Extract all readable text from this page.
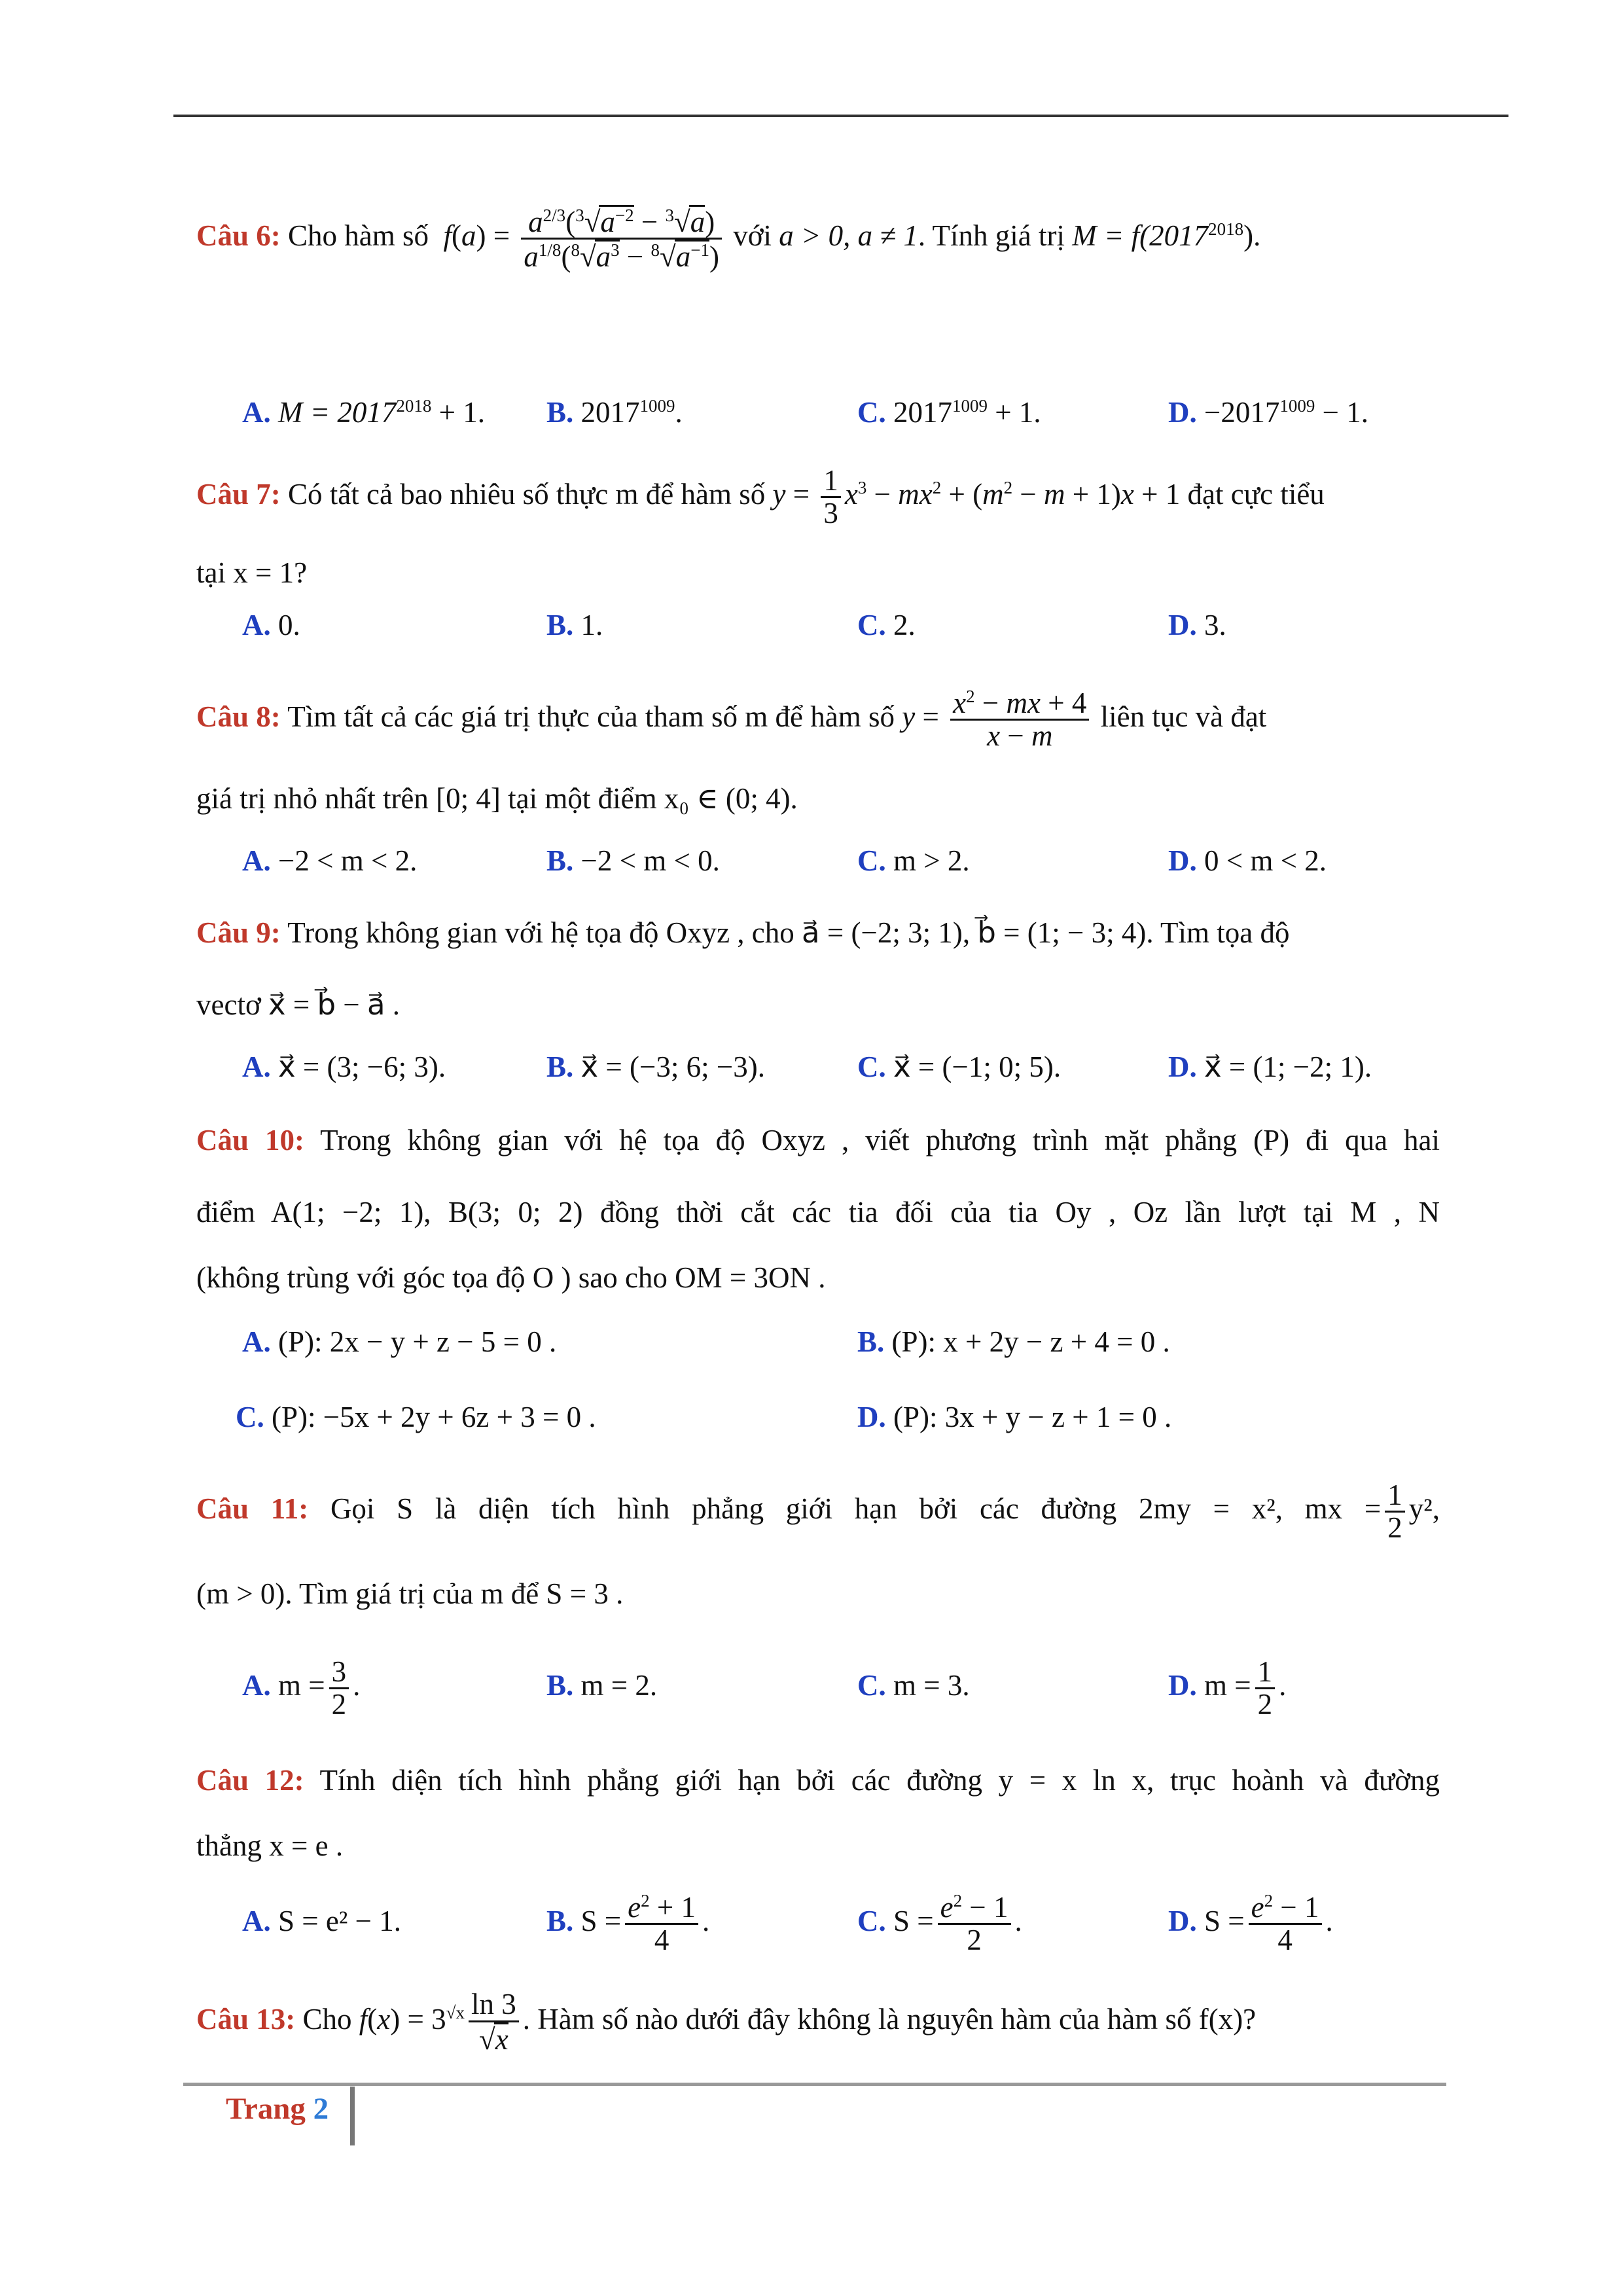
Câu 6: Cho hàm số  $f(a) = \frac{a^{2/3}(^3√a^{-2} - ^3√a)}{a^{1/8}(^8√a^3 - ^8√a^{-1})}$ với a > 0, a ≠ 1. Tính giá trị $M = f(2017^{2018})$.
A. $M = 2017^{2018} + 1$. B. $2017^{1009}$.	C. $2017^{1009} + 1$.	D. $-2017^{1009} - 1$.
Câu 7: Có tất cả bao nhiêu số thực m để hàm số $y = \frac{1}{3} x^3 - mx^2 + (m^2 - m + 1)x + 1$ đạt cực tiểu
tại x = 1?
A. 0.	B. 1.	C. 2.	D. 3.
Câu 8: Tìm tất cả các giá trị thực của tham số m để hàm số $y = \frac{x^2 - mx + 4}{x - m}$ liên tục và đạt
giá trị nhỏ nhất trên [0; 4] tại một điểm x₀ ∈ (0; 4).
A. −2 < m < 2.	B. −2 < m < 0.	C. m > 2.	D. 0 < m < 2.
Câu 9: Trong không gian với hệ tọa độ Oxyz , cho a⃗ = (−2; 3; 1), b⃗ = (1; − 3; 4). Tìm tọa độ
vectơ x⃗ = b⃗ − a⃗ .
A. x⃗ = (3; −6; 3).	B. x⃗ = (−3; 6; −3).	C. x⃗ = (−1; 0; 5).	D. x⃗ = (1; −2; 1).
Câu 10: Trong không gian với hệ tọa độ Oxyz , viết phương trình mặt phẳng (P) đi qua hai
điểm A(1; −2; 1), B(3; 0; 2) đồng thời cắt các tia đối của tia Oy , Oz lần lượt tại M , N
(không trùng với góc tọa độ O ) sao cho OM = 3ON .
A. (P): 2x − y + z − 5 = 0 .	B. (P): x + 2y − z + 4 = 0 .
C. (P): −5x + 2y + 6z + 3 = 0 .	D. (P): 3x + y − z + 1 = 0 .
Câu 11: Gọi S là diện tích hình phẳng giới hạn bởi các đường 2my = x², mx = $\frac{1}{2} y^2$,
(m > 0). Tìm giá trị của m để S = 3 .
A. $m = \frac{3}{2}$ .	B. m = 2.	C. m = 3.	D. $m = \frac{1}{2}$ .
Câu 12: Tính diện tích hình phẳng giới hạn bởi các đường y = x ln x, trục hoành và đường
thẳng x = e .
A. S = e² − 1.	B. $S = \frac{e^2 + 1}{4}$ .	C. $S = \frac{e^2 - 1}{2}$ .	D. $S = \frac{e^2 - 1}{4}$ .
Câu 13: Cho $f(x) = 3^{√x} \frac{\ln 3}{√x}$ . Hàm số nào dưới đây không là nguyên hàm của hàm số f(x)?
Trang 2
